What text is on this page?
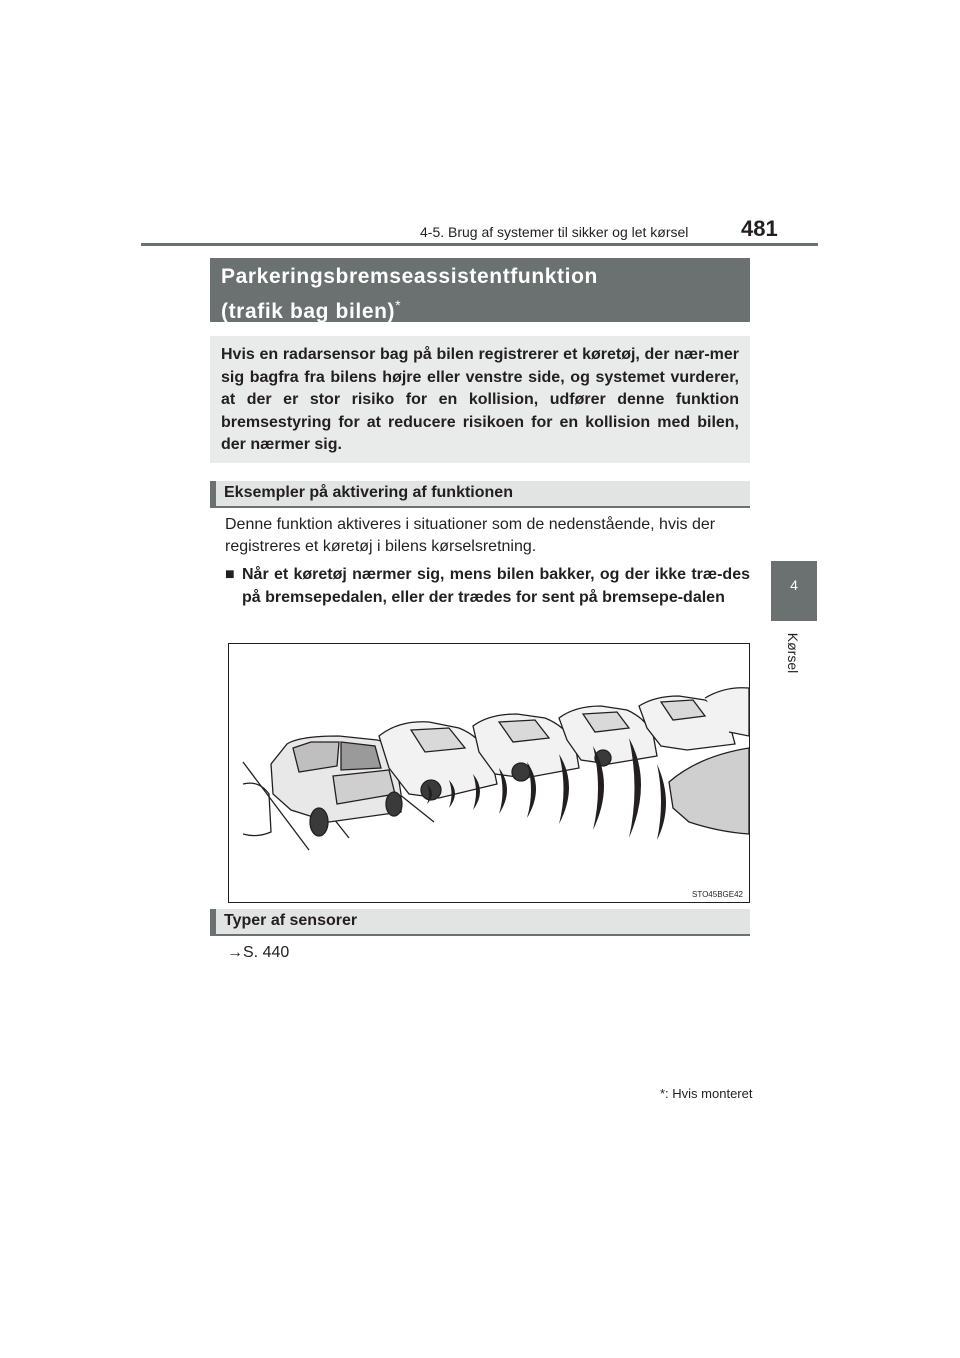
4-5. Brug af systemer til sikker og let kørsel 481
4
Kørsel
Parkeringsbremseassistentfunktion
(trafik bag bilen)*
Hvis en radarsensor bag på bilen registrerer et køretøj, der nær-mer sig bagfra fra bilens højre eller venstre side, og systemet vurderer, at der er stor risiko for en kollision, udfører denne funktion bremsestyring for at reducere risikoen for en kollision med bilen, der nærmer sig.
Eksempler på aktivering af funktionen
Denne funktion aktiveres i situationer som de nedenstående, hvis der registreres et køretøj i bilens kørselsretning.
■ Når et køretøj nærmer sig, mens bilen bakker, og der ikke træ-des på bremsepedalen, eller der trædes for sent på bremsepe-dalen
STO45BGE42
Typer af sensorer
→S. 440
*: Hvis monteret
